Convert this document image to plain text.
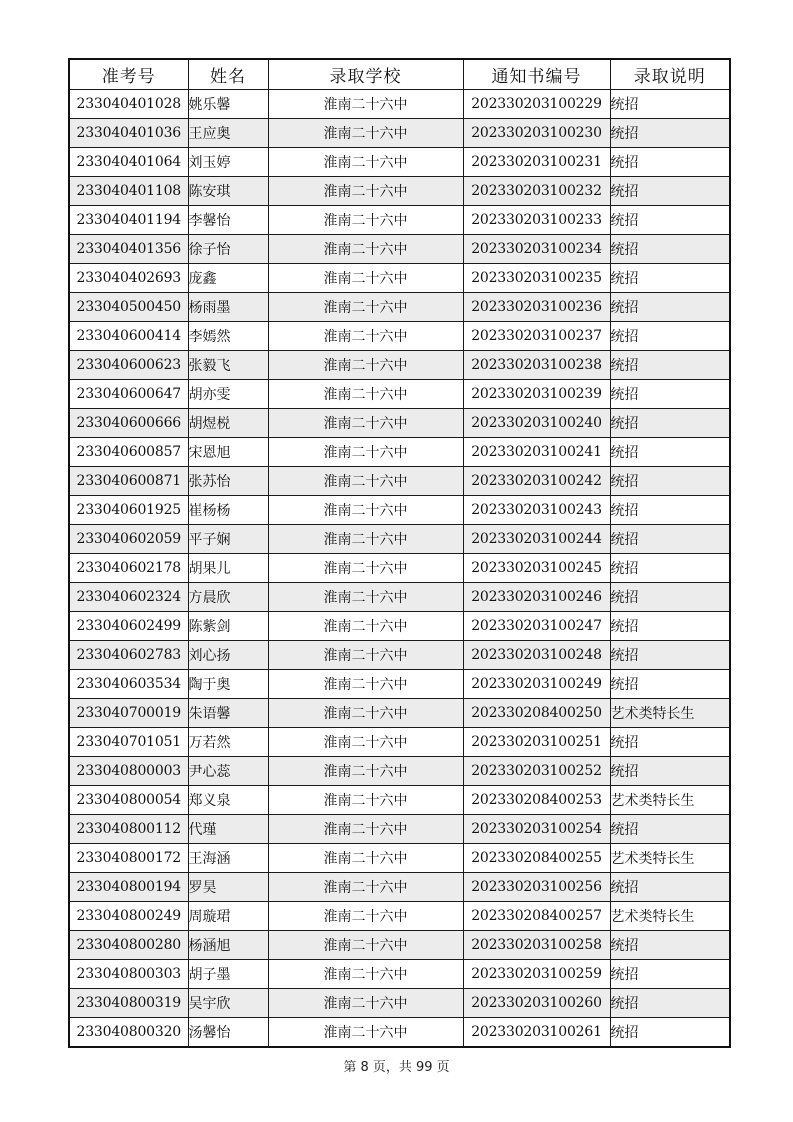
准考号	姓名	录取学校	通知书编号	录取说明
233040401028	姚乐馨	淮南二十六中	202330203100229	统招
233040401036	王应奥	淮南二十六中	202330203100230	统招
233040401064	刘玉婷	淮南二十六中	202330203100231	统招
233040401108	陈安琪	淮南二十六中	202330203100232	统招
233040401194	李馨怡	淮南二十六中	202330203100233	统招
233040401356	徐子怡	淮南二十六中	202330203100234	统招
233040402693	庞鑫	淮南二十六中	202330203100235	统招
233040500450	杨雨墨	淮南二十六中	202330203100236	统招
233040600414	李嫣然	淮南二十六中	202330203100237	统招
233040600623	张毅飞	淮南二十六中	202330203100238	统招
233040600647	胡亦雯	淮南二十六中	202330203100239	统招
233040600666	胡煜棁	淮南二十六中	202330203100240	统招
233040600857	宋恩旭	淮南二十六中	202330203100241	统招
233040600871	张苏怡	淮南二十六中	202330203100242	统招
233040601925	崔杨杨	淮南二十六中	202330203100243	统招
233040602059	平子娴	淮南二十六中	202330203100244	统招
233040602178	胡果儿	淮南二十六中	202330203100245	统招
233040602324	方晨欣	淮南二十六中	202330203100246	统招
233040602499	陈紫剑	淮南二十六中	202330203100247	统招
233040602783	刘心扬	淮南二十六中	202330203100248	统招
233040603534	陶于奥	淮南二十六中	202330203100249	统招
233040700019	朱语馨	淮南二十六中	202330208400250	艺术类特长生
233040701051	万若然	淮南二十六中	202330203100251	统招
233040800003	尹心蕊	淮南二十六中	202330203100252	统招
233040800054	郑义泉	淮南二十六中	202330208400253	艺术类特长生
233040800112	代瑾	淮南二十六中	202330203100254	统招
233040800172	王海涵	淮南二十六中	202330208400255	艺术类特长生
233040800194	罗昊	淮南二十六中	202330203100256	统招
233040800249	周璇珺	淮南二十六中	202330208400257	艺术类特长生
233040800280	杨涵旭	淮南二十六中	202330203100258	统招
233040800303	胡子墨	淮南二十六中	202330203100259	统招
233040800319	吴宇欣	淮南二十六中	202330203100260	统招
233040800320	汤馨怡	淮南二十六中	202330203100261	统招
第 8 页，共 99 页
